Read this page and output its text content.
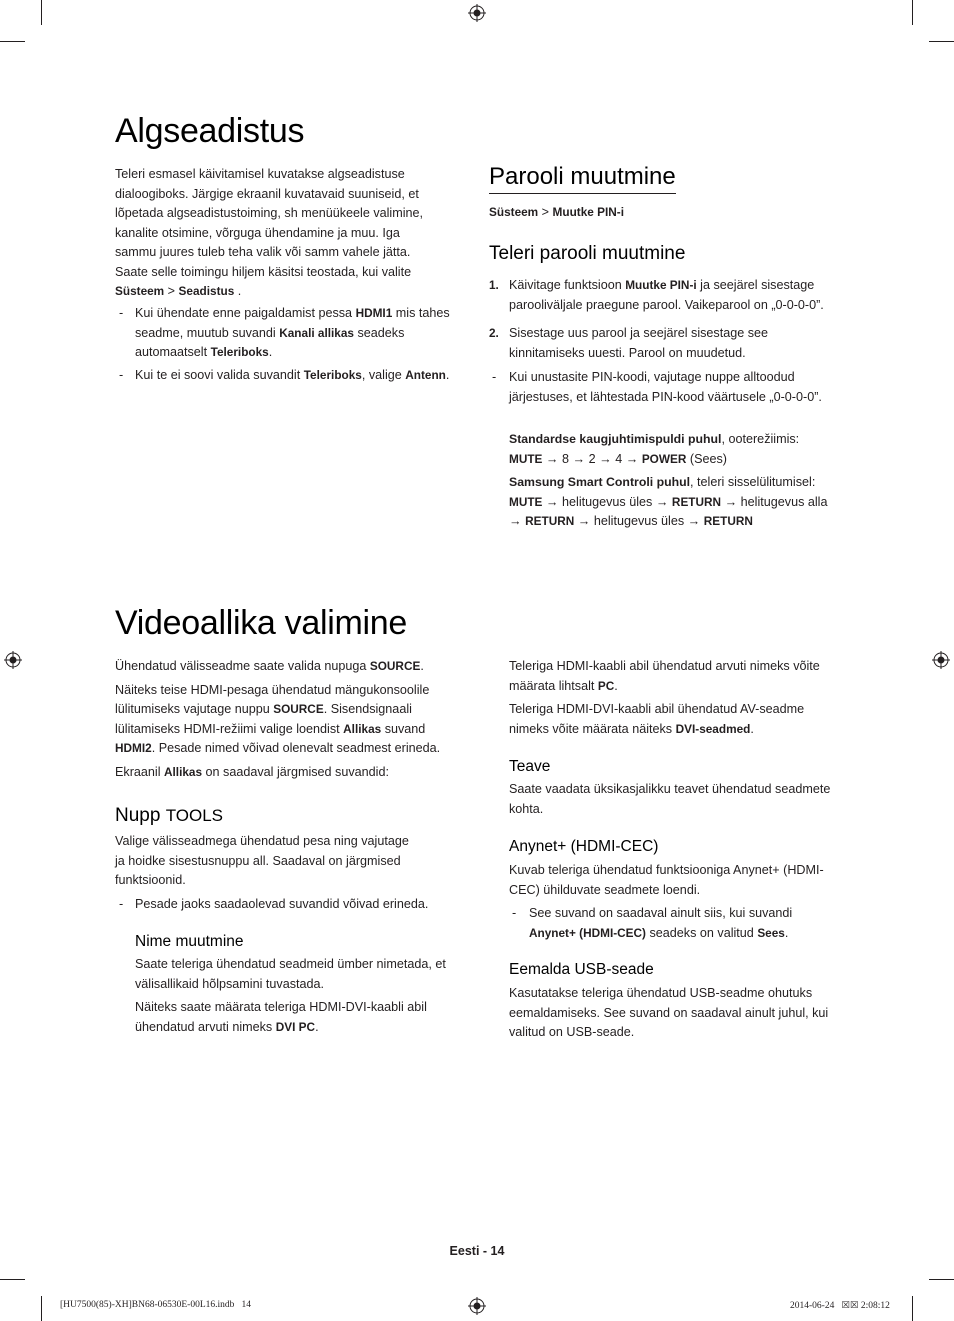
Algseadistus

Teleri esmasel käivitamisel kuvatakse algseadistuse dialoogiboks. Järgige ekraanil kuvatavaid suuniseid, et lõpetada algseadistustoiming, sh menüükeele valimine, kanalite otsimine, võrguga ühendamine ja muu. Iga sammu juures tuleb teha valik või samm vahele jätta. Saate selle toimingu hiljem käsitsi teostada, kui valite Süsteem > Seadistus .

- Kui ühendate enne paigaldamist pessa HDMI1 mis tahes seadme, muutub suvandi Kanali allikas seadeks automaatselt Teleriboks.

- Kui te ei soovi valida suvandit Teleriboks, valige Antenn.

Parooli muutmine

Süsteem > Muutke PIN-i

Teleri parooli muutmine
1. Käivitage funktsioon Muutke PIN-i ja seejärel sisestage parooliväljale praegune parool. Vaikeparool on „0-0-0-0”.

2. Sisestage uus parool ja seejärel sisestage see kinnitamiseks uuesti. Parool on muudetud.

-	Kui unustasite PIN-koodi, vajutage nuppe alltoodud järjestuses, et lähtestada PIN-kood väärtusele „0-0-0-0”.

Standardse kaugjuhtimispuldi puhul, ooterežiimis:

MUTE → 8 → 2 → 4 → POWER (Sees)

Samsung Smart Controli puhul, teleri sisselülitumisel:

MUTE → helitugevus üles → RETURN → helitugevus alla → RETURN → helitugevus üles → RETURN

Videoallika valimine

Ühendatud välisseadme saate valida nupuga SOURCE.

Näiteks teise HDMI-pesaga ühendatud mängukonsoolile lülitumiseks vajutage nuppu SOURCE. Sisendsignaali lülitamiseks HDMI-režiimi valige loendist Allikas suvand HDMI2. Pesade nimed võivad olenevalt seadmest erineda.

Ekraanil Allikas on saadaval järgmised suvandid:

Nupp TOOLS

Valige välisseadmega ühendatud pesa ning vajutage ja hoidke sisestusnuppu all. Saadaval on järgmised funktsioonid.

- Pesade jaoks saadaolevad suvandid võivad erineda.

Nime muutmine

Saate teleriga ühendatud seadmeid ümber nimetada, et välisallikaid hõlpsamini tuvastada.

Näiteks saate määrata teleriga HDMI-DVI-kaabli abil ühendatud arvuti nimeks DVI PC.

Teleriga HDMI-kaabli abil ühendatud arvuti nimeks võite määrata lihtsalt PC.

Teleriga HDMI-DVI-kaabli abil ühendatud AV-seadme nimeks võite määrata näiteks DVI-seadmed.

Teave

Saate vaadata üksikasjalikku teavet ühendatud seadmete kohta.

Anynet+ (HDMI-CEC)

Kuvab teleriga ühendatud funktsiooniga Anynet+ (HDMI-CEC) ühilduvate seadmete loendi.

-	See suvand on saadaval ainult siis, kui suvandi Anynet+ (HDMI-CEC) seadeks on valitud Sees.

Eemalda USB-seade

Kasutatakse teleriga ühendatud USB-seadme ohutuks eemaldamiseks. See suvand on saadaval ainult juhul, kui valitud on USB-seade.

Eesti - 14
[HU7500(85)-XH]BN68-06530E-00L16.indb   14	2014-06-24   ☒☒ 2:08:12
